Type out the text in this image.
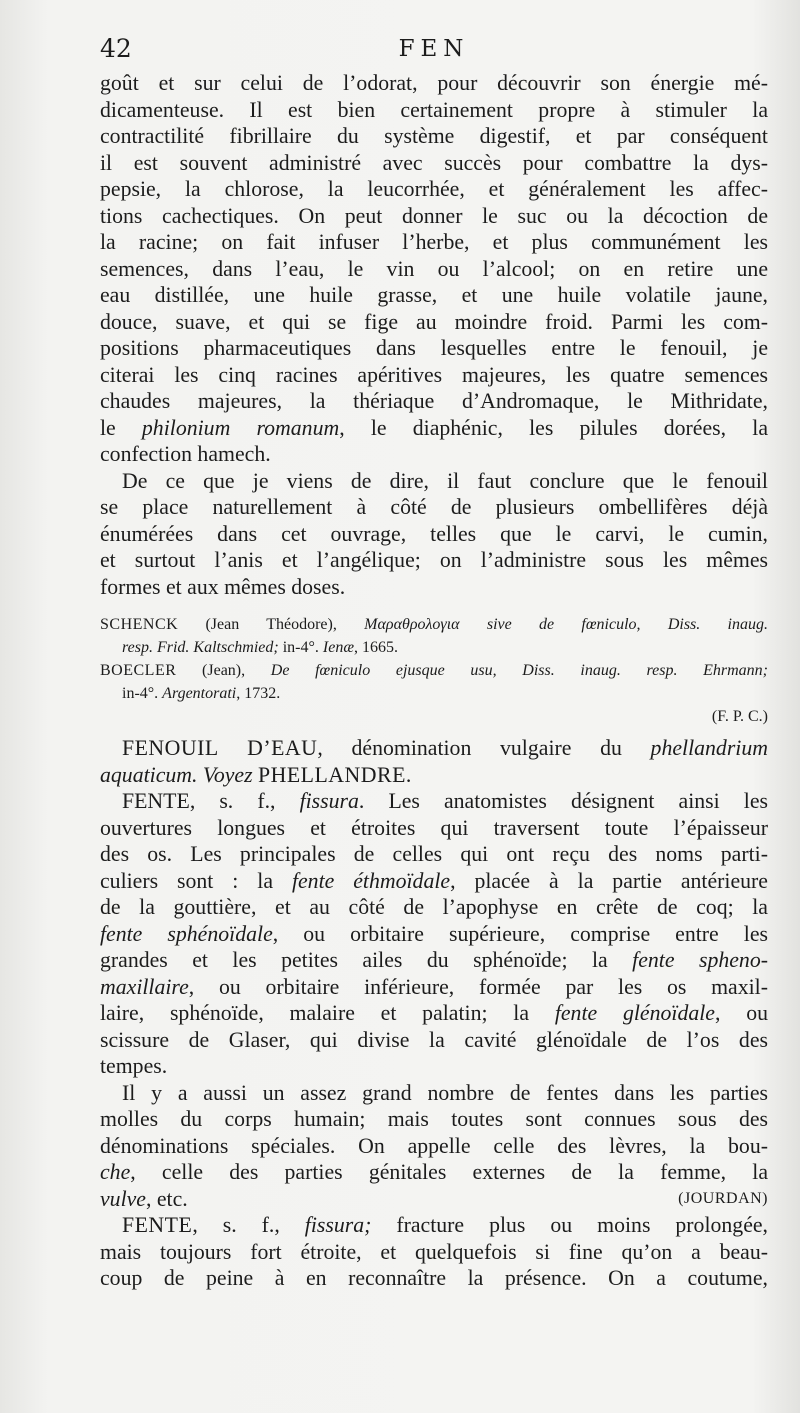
42	FEN
goût et sur celui de l’odorat, pour découvrir son énergie mé-
dicamenteuse. Il est bien certainement propre à stimuler la
contractilité fibrillaire du système digestif, et par conséquent
il est souvent administré avec succès pour combattre la dys-
pepsie, la chlorose, la leucorrhée, et généralement les affec-
tions cachectiques. On peut donner le suc ou la décoction de
la racine; on fait infuser l’herbe, et plus communément les
semences, dans l’eau, le vin ou l’alcool; on en retire une
eau distillée, une huile grasse, et une huile volatile jaune,
douce, suave, et qui se fige au moindre froid. Parmi les com-
positions pharmaceutiques dans lesquelles entre le fenouil, je
citerai les cinq racines apéritives majeures, les quatre semences
chaudes majeures, la thériaque d’Andromaque, le Mithridate,
le philonium romanum, le diaphénic, les pilules dorées, la
confection hamech.
De ce que je viens de dire, il faut conclure que le fenouil
se place naturellement à côté de plusieurs ombellifères déjà
énumérées dans cet ouvrage, telles que le carvi, le cumin,
et surtout l’anis et l’angélique; on l’administre sous les mêmes
formes et aux mêmes doses.
SCHENCK (Jean Théodore), Μαραθρολογια sive de fœniculo, Diss. inaug.
resp. Frid. Kaltschmied; in-4°. Ienæ, 1665.
BOECLER (Jean), De fœniculo ejusque usu, Diss. inaug. resp. Ehrmann;
in-4°. Argentorati, 1732.
(F. P. C.)
FENOUIL D’EAU, dénomination vulgaire du phellandrium
aquaticum. Voyez PHELLANDRE.
FENTE, s. f., fissura. Les anatomistes désignent ainsi les
ouvertures longues et étroites qui traversent toute l’épaisseur
des os. Les principales de celles qui ont reçu des noms parti-
culiers sont : la fente éthmoïdale, placée à la partie antérieure
de la gouttière, et au côté de l’apophyse en crête de coq; la
fente sphénoïdale, ou orbitaire supérieure, comprise entre les
grandes et les petites ailes du sphénoïde; la fente spheno-
maxillaire, ou orbitaire inférieure, formée par les os maxil-
laire, sphénoïde, malaire et palatin; la fente glénoïdale, ou
scissure de Glaser, qui divise la cavité glénoïdale de l’os des
tempes.
Il y a aussi un assez grand nombre de fentes dans les parties
molles du corps humain; mais toutes sont connues sous des
dénominations spéciales. On appelle celle des lèvres, la bou-
che, celle des parties génitales externes de la femme, la
vulve, etc.	(JOURDAN)
FENTE, s. f., fissura; fracture plus ou moins prolongée,
mais toujours fort étroite, et quelquefois si fine qu’on a beau-
coup de peine à en reconnaître la présence. On a coutume,
